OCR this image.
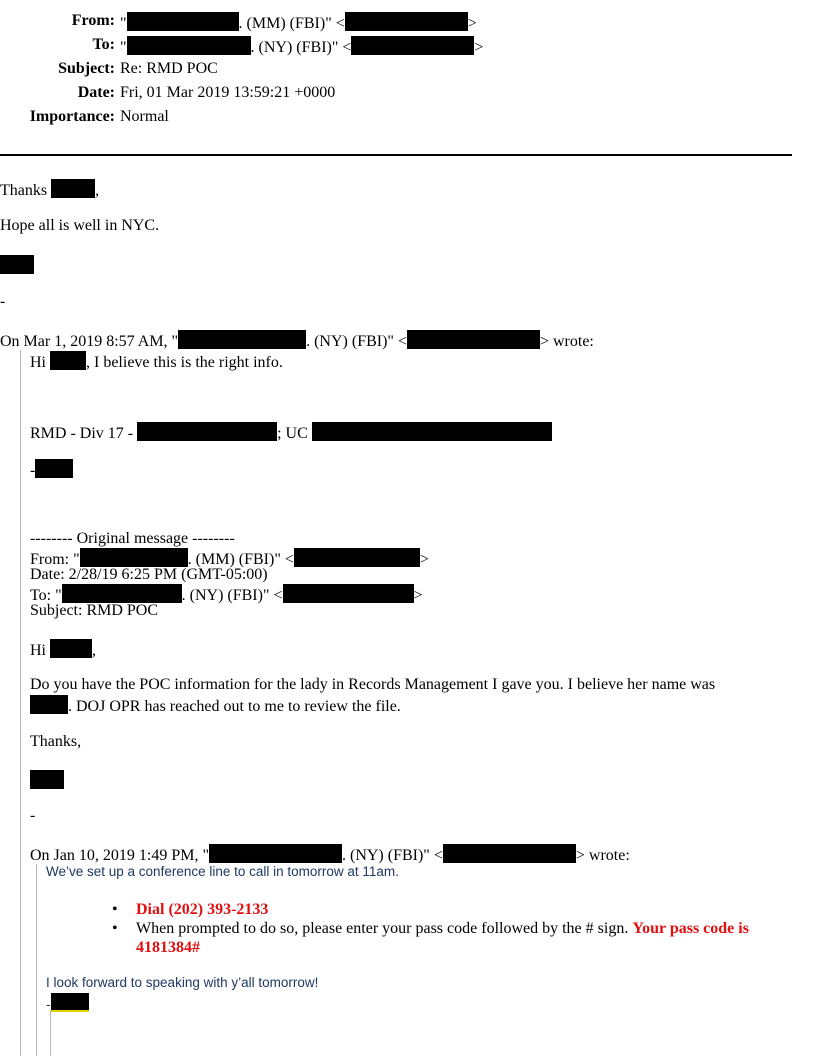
From: "	. (MM) (FBI)" <	>
To: "	. (NY) (FBI)" <	>
Subject: Re: RMD POC
Date: Fri, 01 Mar 2019 13:59:21 +0000
Importance: Normal
Thanks	,
Hope all is well in NYC.
-
On Mar 1, 2019 8:57 AM, "	. (NY) (FBI)" <	> wrote:
Hi	, I believe this is the right info.
RMD - Div 17 -	; UC
-
-------- Original message --------
From: "	. (MM) (FBI)" <	>
Date: 2/28/19 6:25 PM (GMT-05:00)
To: "	. (NY) (FBI)" <	>
Subject: RMD POC
Hi	,
Do you have the POC information for the lady in Records Management I gave you. I believe her name was
. DOJ OPR has reached out to me to review the file.
Thanks,
-
On Jan 10, 2019 1:49 PM, "	. (NY) (FBI)" <	> wrote:
We’ve set up a conference line to call in tomorrow at 11am.
• Dial (202) 393-2133
• When prompted to do so, please enter your pass code followed by the # sign. Your pass code is
4181384#
I look forward to speaking with y’all tomorrow!
-
